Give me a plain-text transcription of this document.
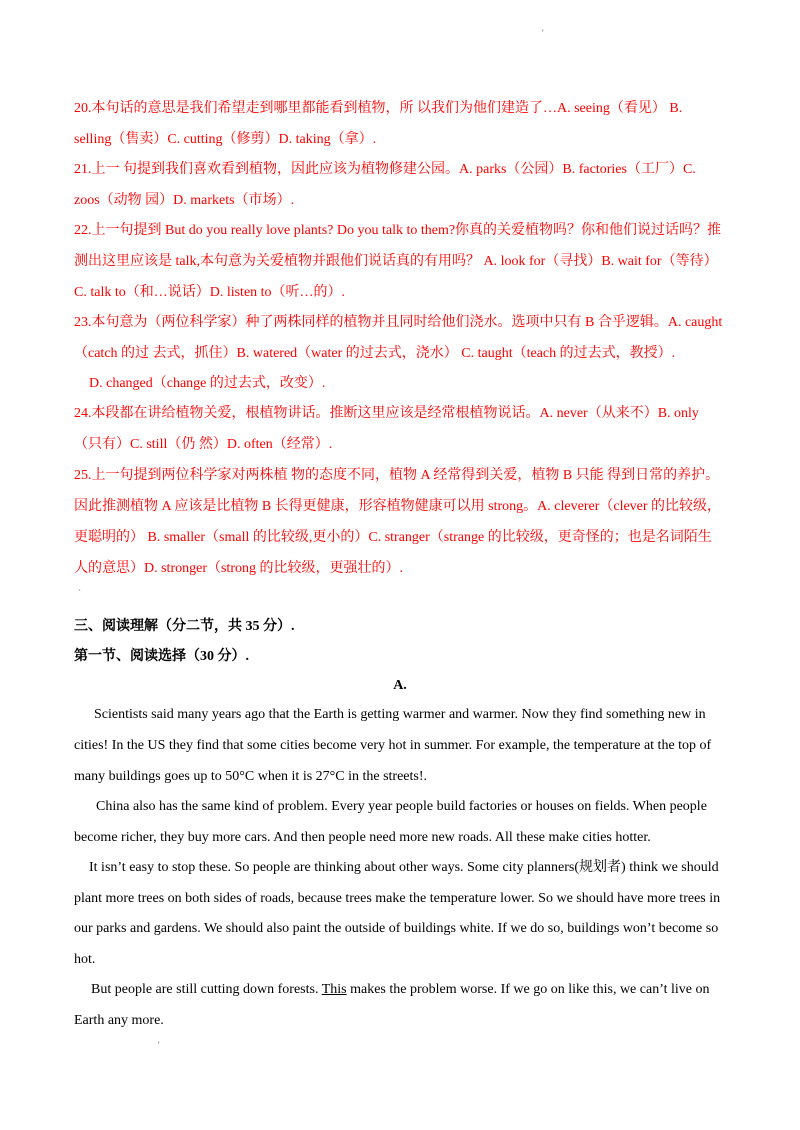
'
20.本句话的意思是我们希望走到哪里都能看到植物，所 以我们为他们建造了…A. seeing（看见） B.
selling（售卖）C. cutting（修剪）D. taking（拿）.
21.上一 句提到我们喜欢看到植物，因此应该为植物修建公园。A. parks（公园）B. factories（工厂）C.
zoos（动物 园）D. markets（市场）.
22.上一句提到 But do you really love plants? Do you talk to them?你真的关爱植物吗？你和他们说过话吗？推
测出这里应该是 talk,本句意为关爱植物并跟他们说话真的有用吗？ A. look for（寻找）B. wait for（等待）
C. talk to（和…说话）D. listen to（听…的）.
23.本句意为（两位科学家）种了两株同样的植物并且同时给他们浇水。选项中只有 B 合乎逻辑。A. caught
（catch 的过 去式，抓住）B. watered（water 的过去式，浇水） C. taught（teach 的过去式，教授）.
D. changed（change 的过去式，改变）.
24.本段都在讲给植物关爱，根植物讲话。推断这里应该是经常根植物说话。A. never（从来不）B. only
（只有）C. still（仍 然）D. often（经常）.
25.上一句提到两位科学家对两株植 物的态度不同，植物 A 经常得到关爱，植物 B 只能 得到日常的养护。
因此推测植物 A 应该是比植物 B 长得更健康，形容植物健康可以用 strong。A. cleverer（clever 的比较级，
更聪明的） B. smaller（small 的比较级,更小的）C. stranger（strange 的比较级，更奇怪的；也是名词陌生
人的意思）D. stronger（strong 的比较级，更强壮的）.
`
三、阅读理解（分二节，共 35 分）.
第一节、阅读选择（30 分）.
A.
Scientists said many years ago that the Earth is getting warmer and warmer. Now they find something new in
cities! In the US they find that some cities become very hot in summer. For example, the temperature at the top of
many buildings goes up to 50°C when it is 27°C in the streets!.
China also has the same kind of problem. Every year people build factories or houses on fields. When people
become richer, they buy more cars. And then people need more new roads. All these make cities hotter.
It isn’t easy to stop these. So people are thinking about other ways. Some city planners(规划者) think we should
plant more trees on both sides of roads, because trees make the temperature lower. So we should have more trees in
our parks and gardens. We should also paint the outside of buildings white. If we do so, buildings won’t become so
hot.
But people are still cutting down forests. This makes the problem worse. If we go on like this, we can’t live on
Earth any more.
'
